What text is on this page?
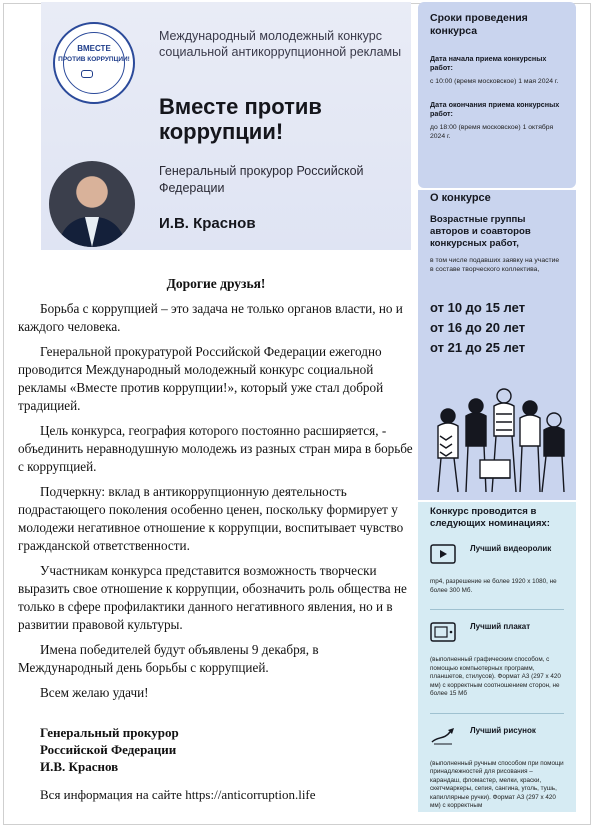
ВМЕСТЕ
ПРОТИВ КОРРУПЦИИ!
Международный молодежный конкурс социальной антикоррупционной рекламы
Вместе против коррупции!
Генеральный прокурор Российской Федерации
И.В. Краснов
Дорогие друзья!

Борьба с коррупцией – это задача не только органов власти, но и каждого человека.

Генеральной прокуратурой Российской Федерации ежегодно проводится Международный молодежный конкурс социальной рекламы «Вместе против коррупции!», который уже стал доброй традицией.

Цель конкурса, география которого постоянно расширяется, - объединить неравнодушную молодежь из разных стран мира в борьбе с коррупцией.

Подчеркну: вклад в антикоррупционную деятельность подрастающего поколения особенно ценен, поскольку формирует у молодежи негативное отношение к коррупции, воспитывает чувство гражданской ответственности.

Участникам конкурса представится возможность творчески выразить свое отношение к коррупции, обозначить роль общества не только в сфере профилактики данного негативного явления, но и в развитии правовой культуры.

Имена победителей будут объявлены 9 декабря, в Международный день борьбы с коррупцией.

Всем желаю удачи!

Генеральный прокурор
Российской Федерации
И.В. Краснов
Вся информация на сайте https://anticorruption.life
Сроки проведения конкурса
Дата начала приема конкурсных работ:
с 10:00 (время московское) 1 мая 2024 г.
Дата окончания приема конкурсных работ:
до 18:00 (время московское) 1 октября 2024 г.
О конкурсе
Возрастные группы авторов и соавторов конкурсных работ,
в том числе подавших заявку на участие в составе творческого коллектива,
от 10 до 15 лет
от 16 до 20 лет
от 21 до 25 лет
Конкурс проводится в следующих номинациях:
Лучший видеоролик
mp4, разрешение не более 1920 x 1080, не более 300 Мб.
Лучший плакат
(выполненный графическим способом, с помощью компьютерных программ, планшетов, стилусов). Формат А3 (297 х 420 мм) с корректным соотношением сторон, не более 15 Мб
Лучший рисунок
(выполненный ручным способом при помощи принадлежностей для рисования – карандаш, фломастер, мелки, краски, скетчмаркеры, сепия, сангина, уголь, тушь, капиллярные ручки). Формат А3 (297 х 420 мм) с корректным
